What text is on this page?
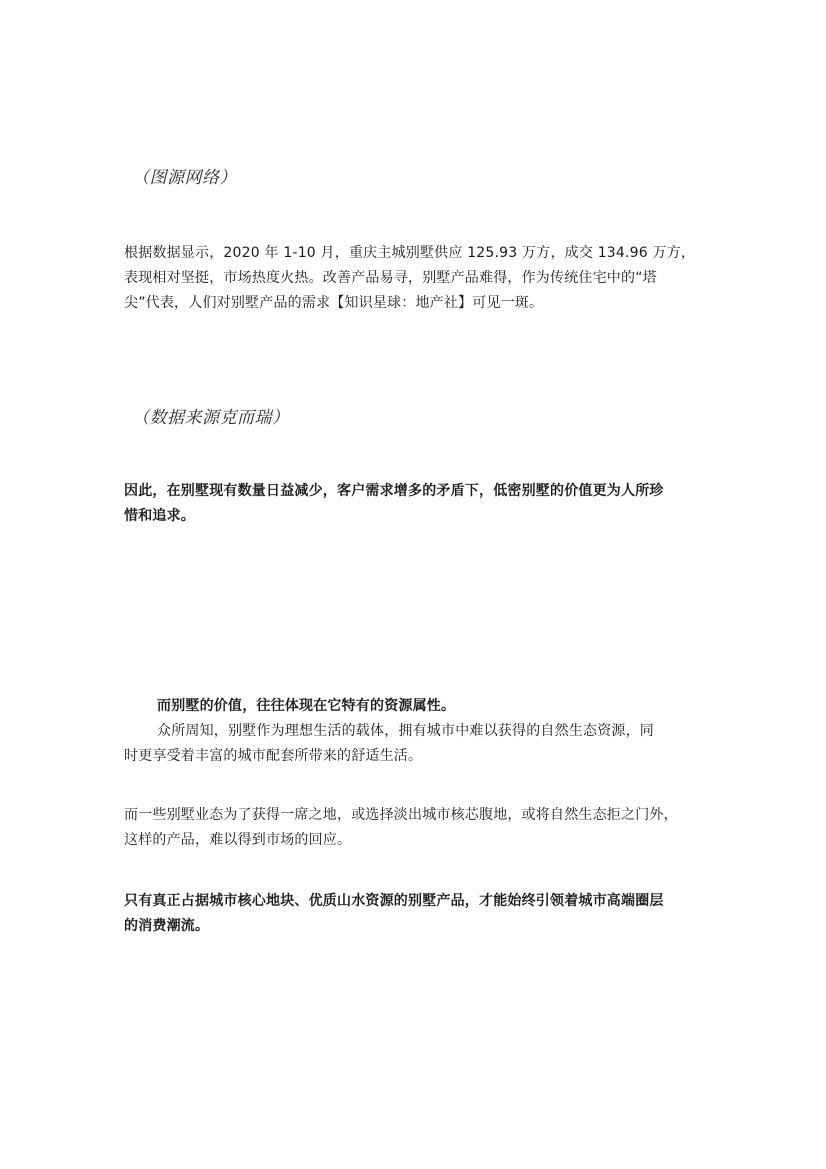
（图源网络）
根据数据显示，2020 年 1-10 月，重庆主城别墅供应 125.93 万方，成交 134.96 万方，
表现相对坚挺，市场热度火热。改善产品易寻，别墅产品难得，作为传统住宅中的“塔
尖”代表，人们对别墅产品的需求【知识星球：地产社】可见一斑。
（数据来源克而瑞）
因此，在别墅现有数量日益减少，客户需求增多的矛盾下，低密别墅的价值更为人所珍
惜和追求。
而别墅的价值，往往体现在它特有的资源属性。
众所周知，别墅作为理想生活的载体，拥有城市中难以获得的自然生态资源，同
时更享受着丰富的城市配套所带来的舒适生活。
而一些别墅业态为了获得一席之地，或选择淡出城市核芯腹地，或将自然生态拒之门外，
这样的产品，难以得到市场的回应。
只有真正占据城市核心地块、优质山水资源的别墅产品，才能始终引领着城市高端圈层
的消费潮流。
